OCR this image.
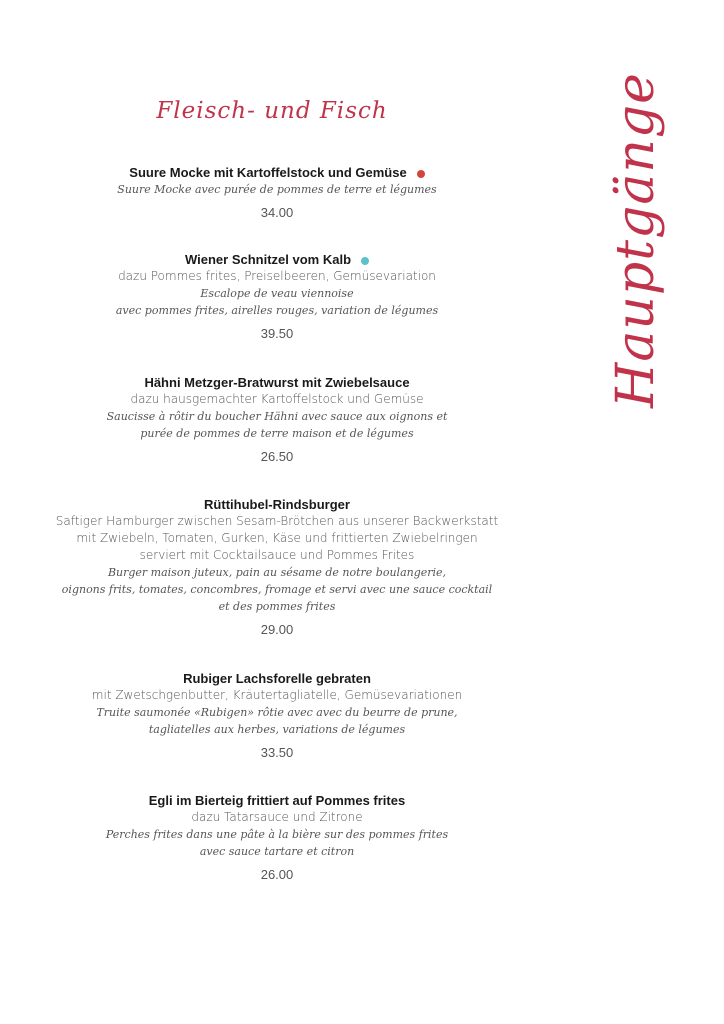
Fleisch- und Fisch	Hauptgänge
Suure Mocke mit Kartoffelstock und Gemüse
Suure Mocke avec purée de pommes de terre et légumes
34.00
Wiener Schnitzel vom Kalb
dazu Pommes frites, Preiselbeeren, Gemüsevariation
Escalope de veau viennoise
avec pommes frites, airelles rouges, variation de légumes
39.50
Hähni Metzger-Bratwurst mit Zwiebelsauce
dazu hausgemachter Kartoffelstock und Gemüse
Saucisse à rôtir du boucher Hähni avec sauce aux oignons et
purée de pommes de terre maison et de légumes
26.50
Rüttihubel-Rindsburger
Saftiger Hamburger zwischen Sesam-Brötchen aus unserer Backwerkstatt
mit Zwiebeln, Tomaten, Gurken, Käse und frittierten Zwiebelringen
serviert mit Cocktailsauce und Pommes Frites
Burger maison juteux, pain au sésame de notre boulangerie,
oignons frits, tomates, concombres, fromage et servi avec une sauce cocktail
et des pommes frites
29.00
Rubiger Lachsforelle gebraten
mit Zwetschgenbutter, Kräutertagliatelle, Gemüsevariationen
Truite saumonée «Rubigen» rôtie avec avec du beurre de prune,
tagliatelles aux herbes, variations de légumes
33.50
Egli im Bierteig frittiert auf Pommes frites
dazu Tatarsauce und Zitrone
Perches frites dans une pâte à la bière sur des pommes frites
avec sauce tartare et citron
26.00
